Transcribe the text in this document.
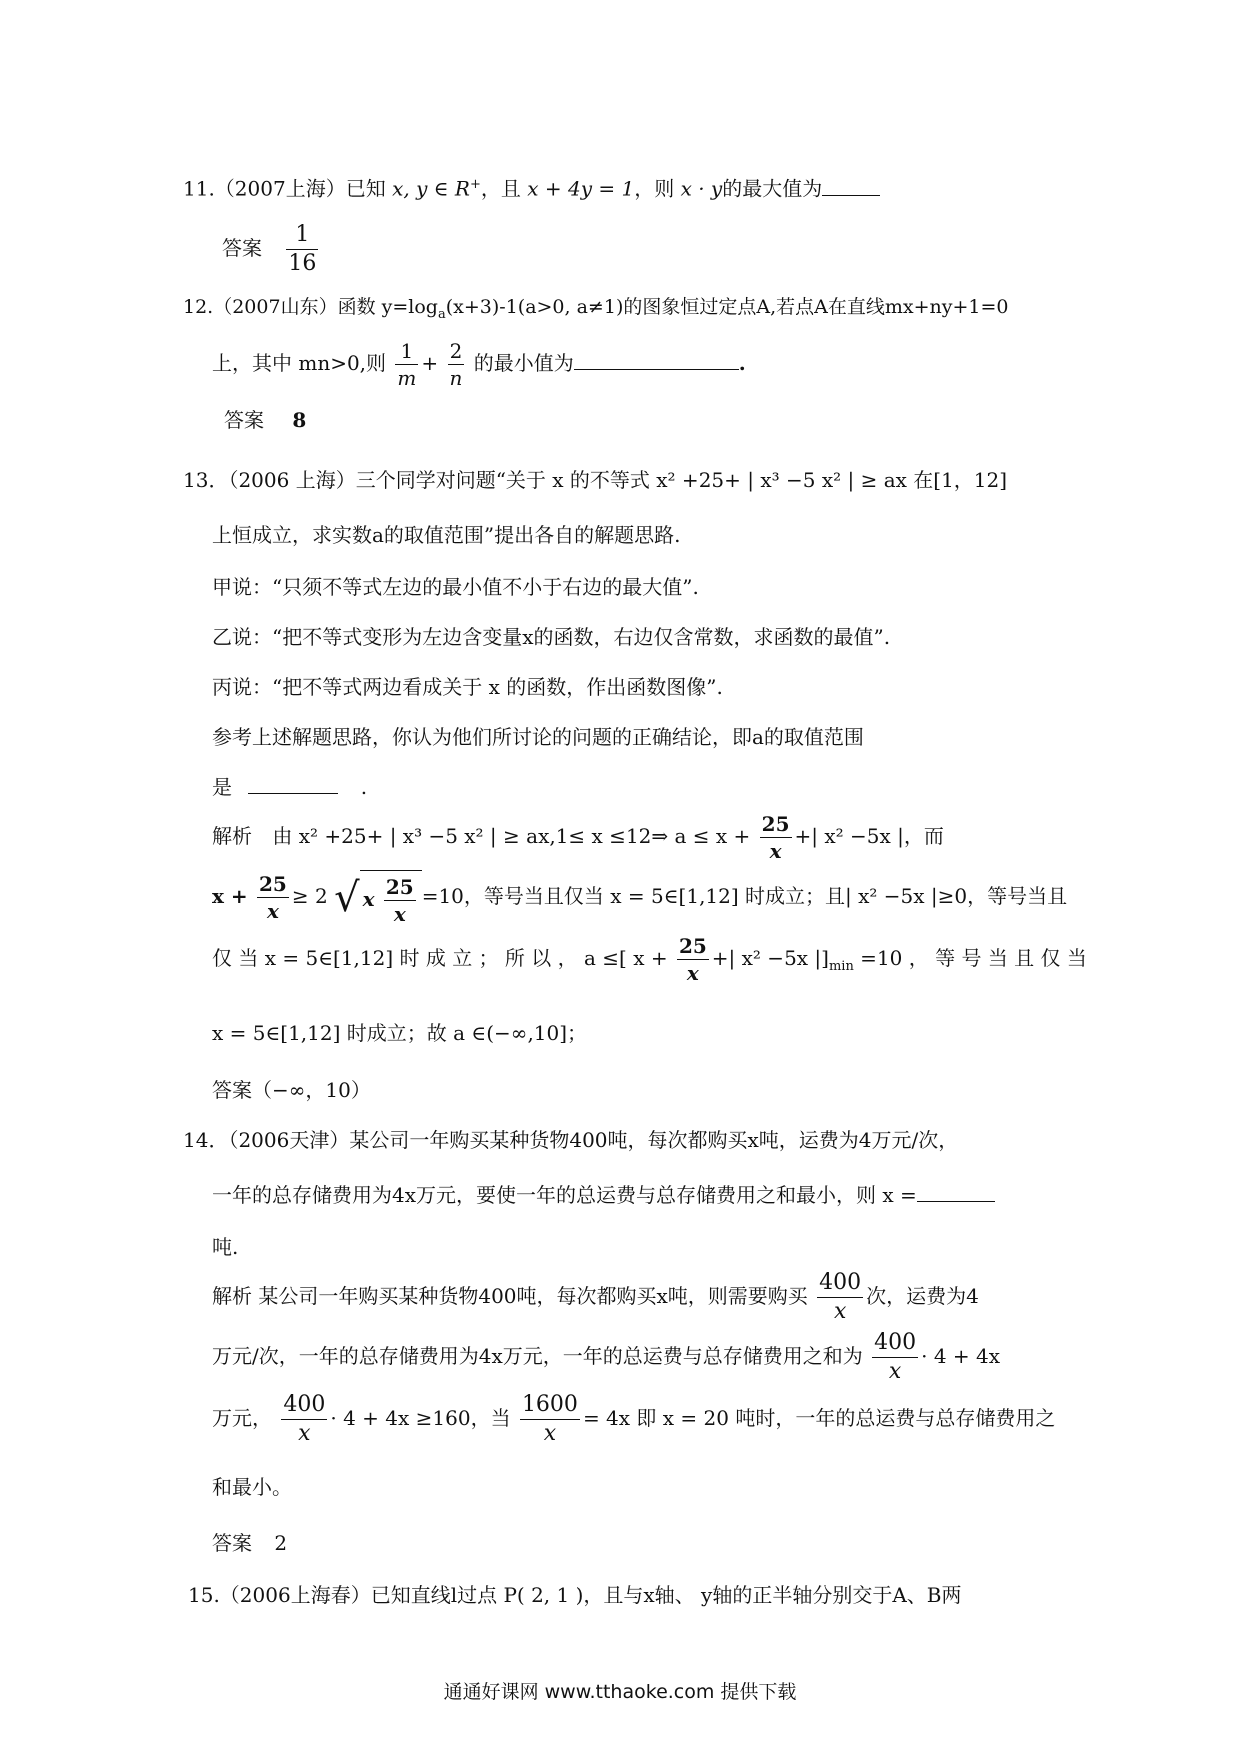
11.（2007上海）已知 x, y ∈ R+，且 x + 4y = 1，则 x · y的最大值为
答案 $\frac{1}{16}$
12.（2007山东）函数 $y=\log_a(x+3)-1(a>0$, a≠1)的图象恒过定点A,若点A在直线mx+ny+1=0
上，其中 mn>0,则 $\frac{1}{m} + \frac{2}{n}$ 的最小值为	.
答案 8
13．（2006 上海）三个同学对问题“关于 x 的不等式 x² +25+ | x³ −5 x² | ≥ ax 在[1，12]
上恒成立，求实数a的取值范围”提出各自的解题思路.
甲说：“只须不等式左边的最小值不小于右边的最大值”.
乙说：“把不等式变形为左边含变量x的函数，右边仅含常数，求函数的最值”.
丙说：“把不等式两边看成关于 x 的函数，作出函数图像”.
参考上述解题思路，你认为他们所讨论的问题的正确结论，即a的取值范围
是	.
解析 由 x² +25+ | x³ −5 x² | ≥ ax,1≤ x ≤12⇒ $a \le x + \frac{25}{x}$ +| x² −5x |，而
$x + \frac{25}{x} \ge 2$ √ x $\frac{25}{x} =10$，等号当且仅当 x = 5∈[1,12] 时成立；且| x² −5x |≥0，等号当且
仅 当 x = 5∈[1,12] 时 成 立 ； 所 以 ， a ≤[ $x + \frac{25}{x}$ +| x² −5x $|]_{min} =10$ ， 等 号 当 且 仅 当
x = 5∈[1,12] 时成立；故 a ∈(−∞,10]；
答案（−∞，10）
14．（2006天津）某公司一年购买某种货物400吨，每次都购买x吨，运费为4万元/次，
一年的总存储费用为4x万元，要使一年的总运费与总存储费用之和最小，则 x =
吨.
解析 某公司一年购买某种货物400吨，每次都购买x吨，则需要购买 $\frac{400}{x}$ 次，运费为4
万元/次，一年的总存储费用为4x万元，一年的总运费与总存储费用之和为 $\frac{400}{x} \cdot 4 + 4x$
万元， $\frac{400}{x} \cdot 4 + 4x \ge 160$，当 $\frac{1600}{x} = 4x$ 即 x = 20 吨时，一年的总运费与总存储费用之
和最小。
答案 2
15.（2006上海春）已知直线l过点 P( 2, 1 )，且与x轴、 y轴的正半轴分别交于A、B两
通通好课网 www.tthaoke.com 提供下载
